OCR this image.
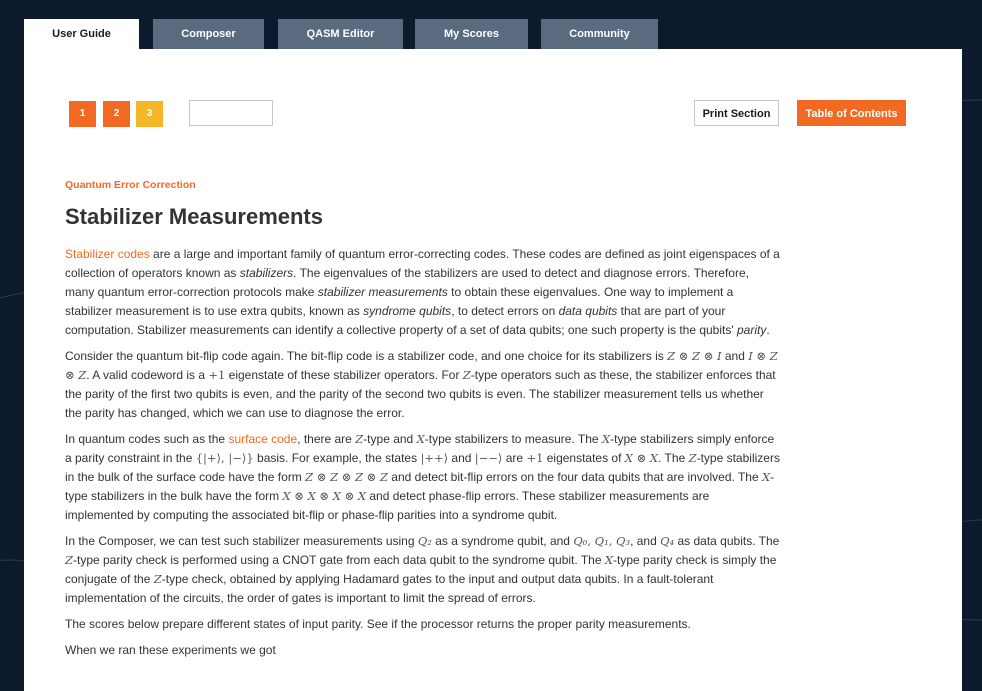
User Guide	Composer	QASM Editor	My Scores	Community
1	2	3	Print Section	Table of Contents
Quantum Error Correction
Stabilizer Measurements

Stabilizer codes are a large and important family of quantum error-correcting codes. These codes are defined as joint eigenspaces of a collection of operators known as stabilizers. The eigenvalues of the stabilizers are used to detect and diagnose errors. Therefore, many quantum error-correction protocols make stabilizer measurements to obtain these eigenvalues. One way to implement a stabilizer measurement is to use extra qubits, known as syndrome qubits, to detect errors on data qubits that are part of your computation. Stabilizer measurements can identify a collective property of a set of data qubits; one such property is the qubits' parity.

Consider the quantum bit-flip code again. The bit-flip code is a stabilizer code, and one choice for its stabilizers is Z ⊗ Z ⊗ I and I ⊗ Z ⊗ Z. A valid codeword is a +1 eigenstate of these stabilizer operators. For Z-type operators such as these, the stabilizer enforces that the parity of the first two qubits is even, and the parity of the second two qubits is even. The stabilizer measurement tells us whether the parity has changed, which we can use to diagnose the error.

In quantum codes such as the surface code, there are Z-type and X-type stabilizers to measure. The X-type stabilizers simply enforce a parity constraint in the {|+⟩, |−⟩} basis. For example, the states |++⟩ and |−−⟩ are +1 eigenstates of X ⊗ X. The Z-type stabilizers in the bulk of the surface code have the form Z ⊗ Z ⊗ Z ⊗ Z and detect bit-flip errors on the four data qubits that are involved. The X-type stabilizers in the bulk have the form X ⊗ X ⊗ X ⊗ X and detect phase-flip errors. These stabilizer measurements are implemented by computing the associated bit-flip or phase-flip parities into a syndrome qubit.

In the Composer, we can test such stabilizer measurements using Q₂ as a syndrome qubit, and Q₀, Q₁, Q₃, and Q₄ as data qubits. The Z-type parity check is performed using a CNOT gate from each data qubit to the syndrome qubit. The X-type parity check is simply the conjugate of the Z-type check, obtained by applying Hadamard gates to the input and output data qubits. In a fault-tolerant implementation of the circuits, the order of gates is important to limit the spread of errors.

The scores below prepare different states of input parity. See if the processor returns the proper parity measurements.

When we ran these experiments we got
